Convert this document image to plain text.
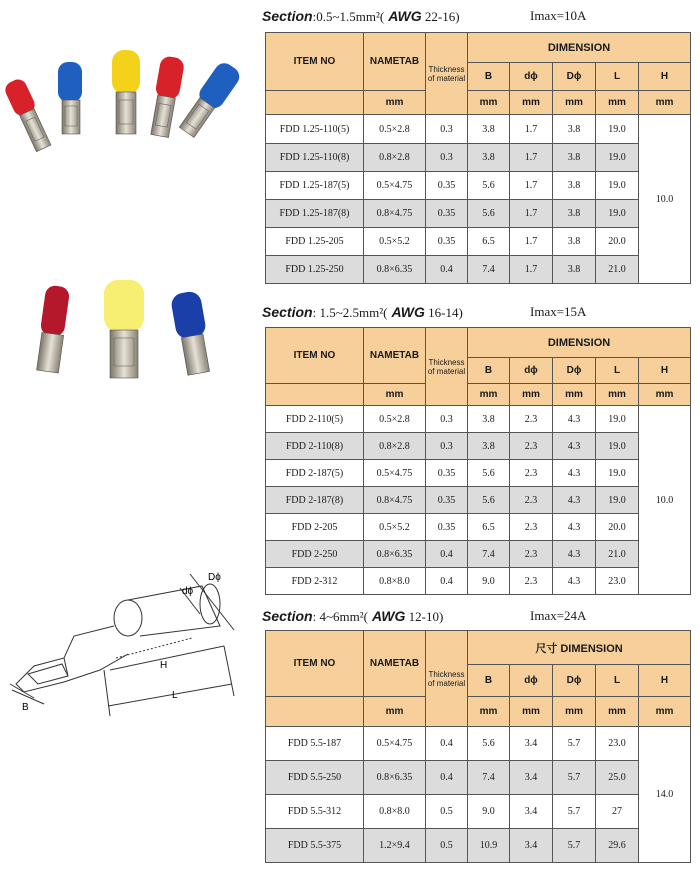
Dϕ
dϕ
H
L
B
Section:0.5~1.5mm²( AWG 22-16)	Imax=10A
Section: 1.5~2.5mm²( AWG 16-14)	Imax=15A
Section: 4~6mm²( AWG 12-10)	Imax=24A
ITEM NO	NAMETAB	Thickness of material	DIMENSION				
			B	dϕ	Dϕ	L	H
	mm		mm	mm	mm	mm	mm
FDD 1.25-110(5)	0.5×2.8	0.3	3.8	1.7	3.8	19.0	10.0
FDD 1.25-110(8)	0.8×2.8	0.3	3.8	1.7	3.8	19.0	
FDD 1.25-187(5)	0.5×4.75	0.35	5.6	1.7	3.8	19.0	
FDD 1.25-187(8)	0.8×4.75	0.35	5.6	1.7	3.8	19.0	
FDD 1.25-205	0.5×5.2	0.35	6.5	1.7	3.8	20.0	
FDD 1.25-250	0.8×6.35	0.4	7.4	1.7	3.8	21.0	
ITEM NO	NAMETAB	Thickness of material	DIMENSION				
			B	dϕ	Dϕ	L	H
	mm		mm	mm	mm	mm	mm
FDD 2-110(5)	0.5×2.8	0.3	3.8	2.3	4.3	19.0	10.0
FDD 2-110(8)	0.8×2.8	0.3	3.8	2.3	4.3	19.0	
FDD 2-187(5)	0.5×4.75	0.35	5.6	2.3	4.3	19.0	
FDD 2-187(8)	0.8×4.75	0.35	5.6	2.3	4.3	19.0	
FDD 2-205	0.5×5.2	0.35	6.5	2.3	4.3	20.0	
FDD 2-250	0.8×6.35	0.4	7.4	2.3	4.3	21.0	
FDD 2-312	0.8×8.0	0.4	9.0	2.3	4.3	23.0	
ITEM NO	NAMETAB	Thickness of material	尺寸 DIMENSION				
			B	dϕ	Dϕ	L	H
	mm		mm	mm	mm	mm	mm
FDD 5.5-187	0.5×4.75	0.4	5.6	3.4	5.7	23.0	14.0
FDD 5.5-250	0.8×6.35	0.4	7.4	3.4	5.7	25.0	
FDD 5.5-312	0.8×8.0	0.5	9.0	3.4	5.7	27	
FDD 5.5-375	1.2×9.4	0.5	10.9	3.4	5.7	29.6	
